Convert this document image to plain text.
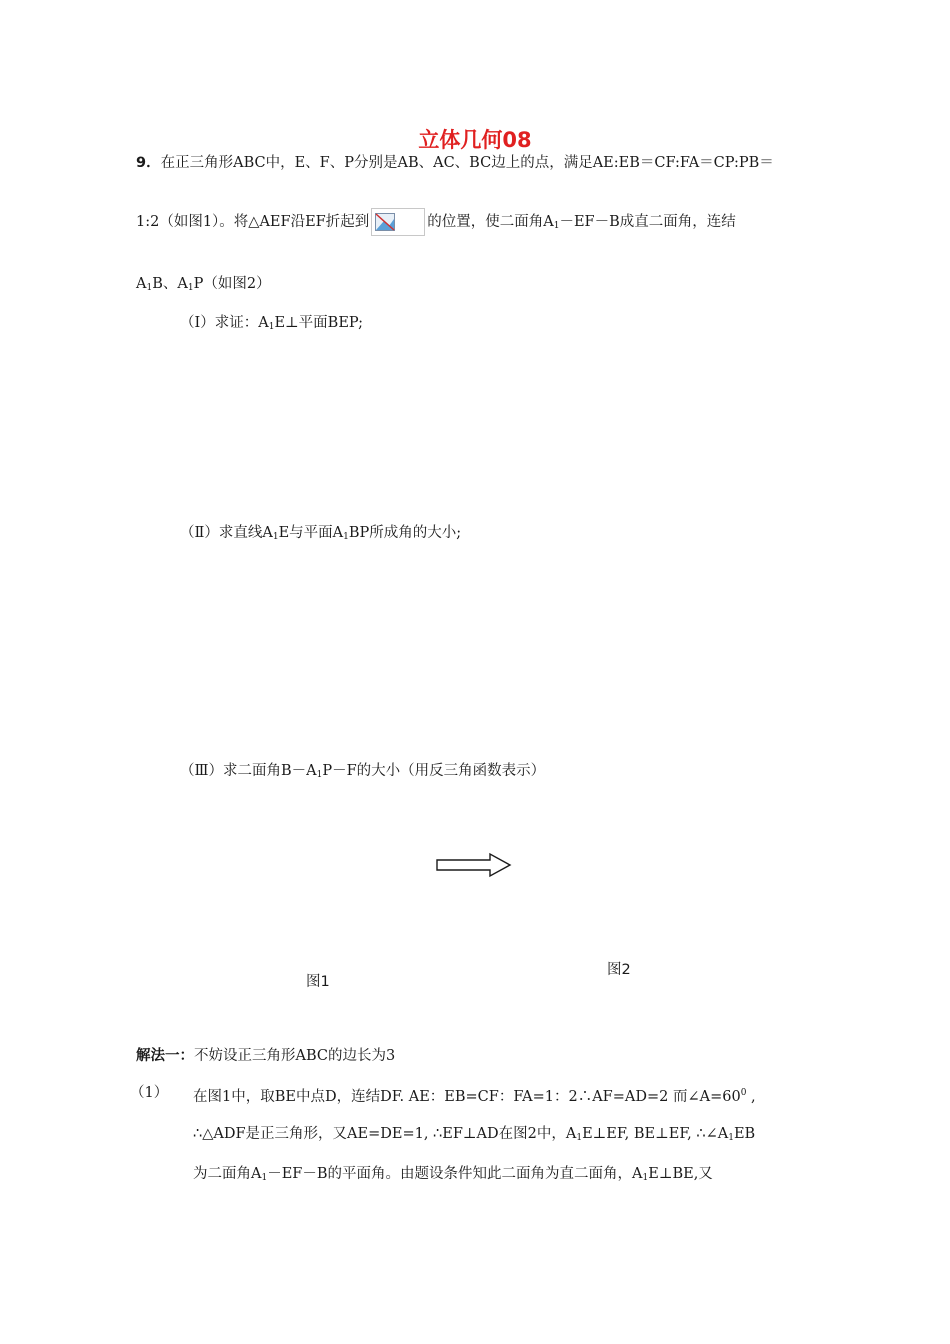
立体几何08
9．在正三角形ABC中，E、F、P分别是AB、AC、BC边上的点，满足AE:EB＝CF:FA＝CP:PB＝
1:2（如图1）。将△AEF沿EF折起到	的位置，使二面角$A_1-EF-B$成直二面角，连结
$A_1B$、$A_1P$（如图2）
（Ⅰ）求证：$A_1E\perp$平面BEP;
（Ⅱ）求直线$A_1E$与平面$A_1BP$所成角的大小;
（Ⅲ）求二面角$B-A_1P-F$的大小（用反三角函数表示）
图1
图2
解法一：不妨设正三角形ABC的边长为3
（1） 在图1中，取BE中点D，连结DF. AE：EB=CF：FA=1：2∴AF=AD=2 而$\angle A=60^0$ ,
∴△ADF是正三角形，又AE=DE=1, ∴EF⊥AD在图2中，$A_1E\perp EF$, BE⊥EF, $\therefore\angle A_1EB$
为二面角$A_1-EF-B$的平面角。由题设条件知此二面角为直二面角，$A_1E\perp BE$,又
